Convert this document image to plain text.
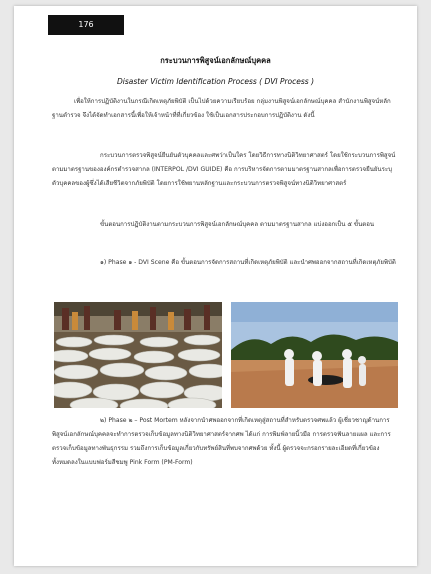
176
กระบวนการพิสูจน์เอกลักษณ์บุคคล
Disaster Victim Identification Process ( DVI Process )
เพื่อให้การปฏิบัติงานในกรณีเกิดเหตุภัยพิบัติ เป็นไปด้วยความเรียบร้อย กลุ่มงานพิสูจน์เอกลักษณ์บุคคล สำนักงานพิสูจน์หลักฐานตำรวจ จึงได้จัดทำเอกสารนี้เพื่อให้เจ้าหน้าที่ที่เกี่ยวข้อง ใช้เป็นเอกสารประกอบการปฏิบัติงาน ดังนี้
กระบวนการตรวจพิสูจน์ยืนยันตัวบุคคลและศพว่าเป็นใคร โดยวิธีการทางนิติวิทยาศาสตร์ โดยใช้กระบวนการพิสูจน์ตามมาตรฐานขององค์กรตำรวจสากล (INTERPOL /DVI GUIDE) คือ การบริหารจัดการตามมาตรฐานสากลเพื่อการตรวจยืนยันระบุตัวบุคคลของผู้ซึ่งได้เสียชีวิตจากภัยพิบัติ โดยการใช้พยานหลักฐานและกระบวนการตรวจพิสูจน์ทางนิติวิทยาศาสตร์
ขั้นตอนการปฏิบัติงานตามกระบวนการพิสูจน์เอกลักษณ์บุคคล ตามมาตรฐานสากล แบ่งออกเป็น ๕ ขั้นตอน
๑) Phase ๑ - DVI Scene คือ ขั้นตอนการจัดการสถานที่เกิดเหตุภัยพิบัติ และนำศพออกจากสถานที่เกิดเหตุภัยพิบัติ
๒) Phase ๒ – Post Mortem หลังจากนำศพออกจากที่เกิดเหตุสู่สถานที่สำหรับตรวจศพแล้ว ผู้เชี่ยวชาญด้านการพิสูจน์เอกลักษณ์บุคคลจะทำการตรวจเก็บข้อมูลทางนิติวิทยาศาสตร์จากศพ ได้แก่ การพิมพ์ลายนิ้วมือ การตรวจฟันลายแผล และการตรวจเก็บข้อมูลทางพันธุกรรม รวมถึงการเก็บข้อมูลเกี่ยวกับทรัพย์สินที่พบจากศพด้วย ทั้งนี้ ผู้ตรวจจะกรอกรายละเอียดที่เกี่ยวข้องทั้งหมดลงในแบบฟอร์มสีชมพู Pink Form (PM-Form)
